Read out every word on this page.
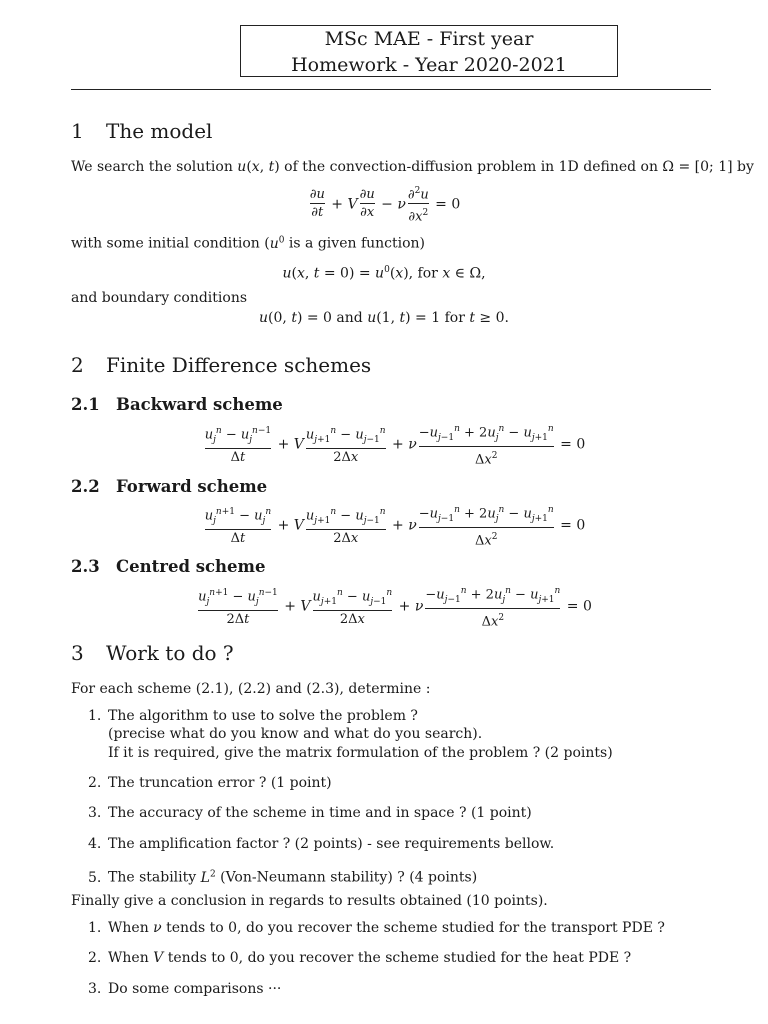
MSc MAE - First year
Homework - Year 2020-2021
1 The model
We search the solution u(x, t) of the convection-diffusion problem in 1D defined on Ω = [0; 1] by
$\frac{\partial u}{\partial t} + V \frac{\partial u}{\partial x} - \nu \frac{\partial^2u}{\partial x^2} = 0$
with some initial condition ($u^0$ is a given function)
u(x, $t = 0) = u^0(x)$, for x ∈ Ω,
and boundary conditions
u(0, t) = 0 and u(1, t) = 1 for t ≥ 0.
2 Finite Difference schemes
2.1 Backward scheme
$\frac{u_j^n - u_j^{n-1}}{\Delta t} + V \frac{u_{j+1}^n - u_{j-1}^n}{2\Delta x} + \nu \frac{-u_{j-1}^n + 2u_j^n - u_{j+1}^n}{\Delta x^2} = 0$
2.2 Forward scheme
$\frac{u_j^{n+1} - u_j^n}{\Delta t} + V \frac{u_{j+1}^n - u_{j-1}^n}{2\Delta x} + \nu \frac{-u_{j-1}^n + 2u_j^n - u_{j+1}^n}{\Delta x^2} = 0$
2.3 Centred scheme
$\frac{u_j^{n+1} - u_j^{n-1}}{2\Delta t} + V \frac{u_{j+1}^n - u_{j-1}^n}{2\Delta x} + \nu \frac{-u_{j-1}^n + 2u_j^n - u_{j+1}^n}{\Delta x^2} = 0$
3 Work to do ?
For each scheme (2.1), (2.2) and (2.3), determine :
1. The algorithm to use to solve the problem ?
(precise what do you know and what do you search).
If it is required, give the matrix formulation of the problem ? (2 points)
2. The truncation error ? (1 point)
3. The accuracy of the scheme in time and in space ? (1 point)
4. The amplification factor ? (2 points) - see requirements bellow.
5. The stability $L^2$ (Von-Neumann stability) ? (4 points)
Finally give a conclusion in regards to results obtained (10 points).
1. When ν tends to 0, do you recover the scheme studied for the transport PDE ?
2. When V tends to 0, do you recover the scheme studied for the heat PDE ?
3. Do some comparisons ···
